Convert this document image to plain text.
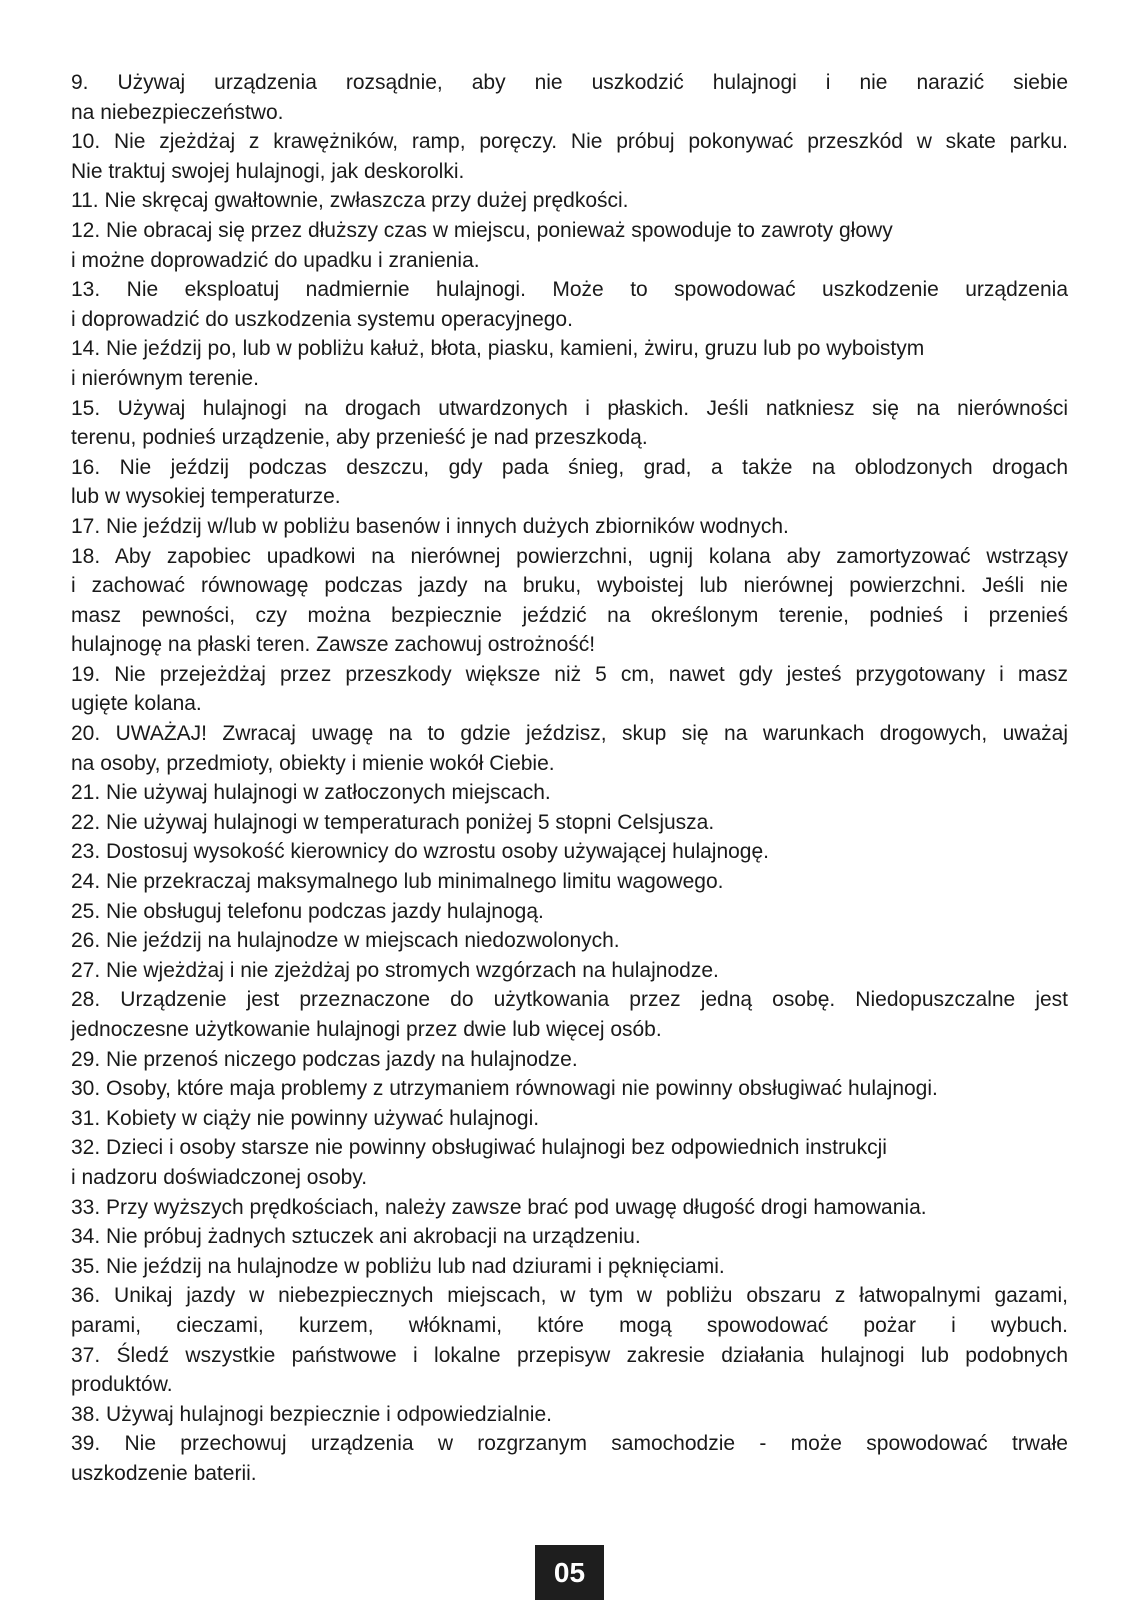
9. Używaj urządzenia rozsądnie, aby nie uszkodzić hulajnogi i nie narazić siebie
na niebezpieczeństwo.
10. Nie zjeżdżaj z krawężników, ramp, poręczy. Nie próbuj pokonywać przeszkód w skate parku.
Nie traktuj swojej hulajnogi, jak deskorolki.
11. Nie skręcaj gwałtownie, zwłaszcza przy dużej prędkości.
12. Nie obracaj się przez dłuższy czas w miejscu, ponieważ spowoduje to zawroty głowy
i możne doprowadzić do upadku i zranienia.
13. Nie eksploatuj nadmiernie hulajnogi. Może to spowodować uszkodzenie urządzenia
i doprowadzić do uszkodzenia systemu operacyjnego.
14. Nie jeździj po, lub w pobliżu kałuż, błota, piasku, kamieni, żwiru, gruzu lub po wyboistym
i nierównym terenie.
15. Używaj hulajnogi na drogach utwardzonych i płaskich. Jeśli natkniesz się na nierówności
terenu, podnieś urządzenie, aby przenieść je nad przeszkodą.
16. Nie jeździj podczas deszczu, gdy pada śnieg, grad, a także na oblodzonych drogach
lub w wysokiej temperaturze.
17. Nie jeździj w/lub w pobliżu basenów i innych dużych zbiorników wodnych.
18. Aby zapobiec upadkowi na nierównej powierzchni, ugnij kolana aby zamortyzować wstrząsy
i zachować równowagę podczas jazdy na bruku, wyboistej lub nierównej powierzchni. Jeśli nie
masz pewności, czy można bezpiecznie jeździć na określonym terenie, podnieś i przenieś
hulajnogę na płaski teren. Zawsze zachowuj ostrożność!
19. Nie przejeżdżaj przez przeszkody większe niż 5 cm, nawet gdy jesteś przygotowany i masz
ugięte kolana.
20. UWAŻAJ! Zwracaj uwagę na to gdzie jeździsz, skup się na warunkach drogowych, uważaj
na osoby, przedmioty, obiekty i mienie wokół Ciebie.
21. Nie używaj hulajnogi w zatłoczonych miejscach.
22. Nie używaj hulajnogi w temperaturach poniżej 5 stopni Celsjusza.
23. Dostosuj wysokość kierownicy do wzrostu osoby używającej hulajnogę.
24. Nie przekraczaj maksymalnego lub minimalnego limitu wagowego.
25. Nie obsługuj telefonu podczas jazdy hulajnogą.
26. Nie jeździj na hulajnodze w miejscach niedozwolonych.
27. Nie wjeżdżaj i nie zjeżdżaj po stromych wzgórzach na hulajnodze.
28. Urządzenie jest przeznaczone do użytkowania przez jedną osobę. Niedopuszczalne jest
jednoczesne użytkowanie hulajnogi przez dwie lub więcej osób.
29. Nie przenoś niczego podczas jazdy na hulajnodze.
30. Osoby, które maja problemy z utrzymaniem równowagi nie powinny obsługiwać hulajnogi.
31. Kobiety w ciąży nie powinny używać hulajnogi.
32. Dzieci i osoby starsze nie powinny obsługiwać hulajnogi bez odpowiednich instrukcji
i nadzoru doświadczonej osoby.
33. Przy wyższych prędkościach, należy zawsze brać pod uwagę długość drogi hamowania.
34. Nie próbuj żadnych sztuczek ani akrobacji na urządzeniu.
35. Nie jeździj na hulajnodze w pobliżu lub nad dziurami i pęknięciami.
36. Unikaj jazdy w niebezpiecznych miejscach, w tym w pobliżu obszaru z łatwopalnymi gazami,
parami, cieczami, kurzem, włóknami, które mogą spowodować pożar i wybuch.
37. Śledź wszystkie państwowe i lokalne przepisyw zakresie działania hulajnogi lub podobnych
produktów.
38. Używaj hulajnogi bezpiecznie i odpowiedzialnie.
39. Nie przechowuj urządzenia w rozgrzanym samochodzie - może spowodować trwałe
uszkodzenie baterii.
05
